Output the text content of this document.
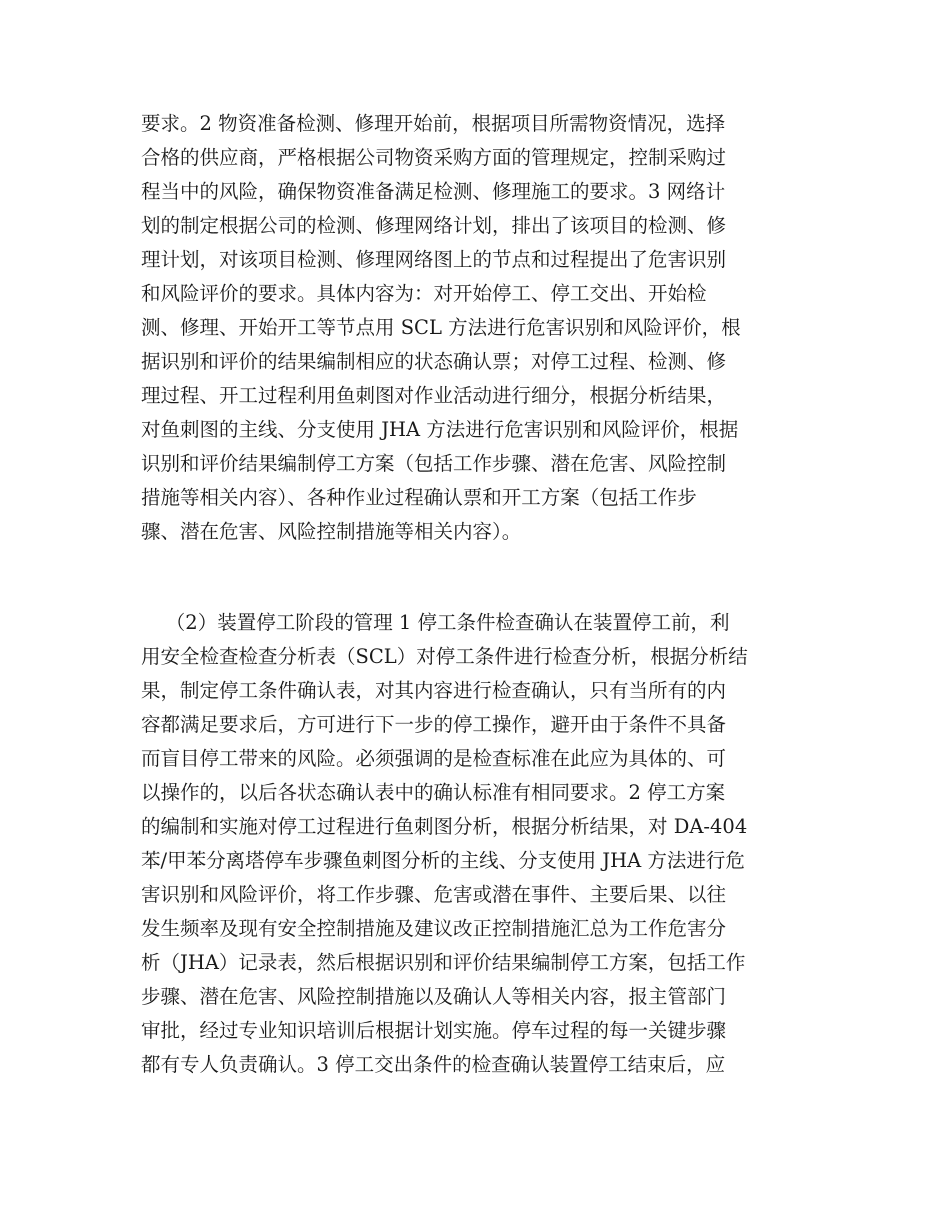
要求。2 物资准备检测、修理开始前，根据项目所需物资情况，选择
合格的供应商，严格根据公司物资采购方面的管理规定，控制采购过
程当中的风险，确保物资准备满足检测、修理施工的要求。3 网络计
划的制定根据公司的检测、修理网络计划，排出了该项目的检测、修
理计划，对该项目检测、修理网络图上的节点和过程提出了危害识别
和风险评价的要求。具体内容为：对开始停工、停工交出、开始检
测、修理、开始开工等节点用 SCL 方法进行危害识别和风险评价，根
据识别和评价的结果编制相应的状态确认票；对停工过程、检测、修
理过程、开工过程利用鱼刺图对作业活动进行细分，根据分析结果，
对鱼刺图的主线、分支使用 JHA 方法进行危害识别和风险评价，根据
识别和评价结果编制停工方案（包括工作步骤、潜在危害、风险控制
措施等相关内容）、各种作业过程确认票和开工方案（包括工作步
骤、潜在危害、风险控制措施等相关内容）。

（2）装置停工阶段的管理 1 停工条件检查确认在装置停工前，利
用安全检查检查分析表（SCL）对停工条件进行检查分析，根据分析结
果，制定停工条件确认表，对其内容进行检查确认，只有当所有的内
容都满足要求后，方可进行下一步的停工操作，避开由于条件不具备
而盲目停工带来的风险。必须强调的是检查标准在此应为具体的、可
以操作的，以后各状态确认表中的确认标准有相同要求。2 停工方案
的编制和实施对停工过程进行鱼刺图分析，根据分析结果，对 DA-404
苯/甲苯分离塔停车步骤鱼刺图分析的主线、分支使用 JHA 方法进行危
害识别和风险评价，将工作步骤、危害或潜在事件、主要后果、以往
发生频率及现有安全控制措施及建议改正控制措施汇总为工作危害分
析（JHA）记录表，然后根据识别和评价结果编制停工方案，包括工作
步骤、潜在危害、风险控制措施以及确认人等相关内容，报主管部门
审批，经过专业知识培训后根据计划实施。停车过程的每一关键步骤
都有专人负责确认。3 停工交出条件的检查确认装置停工结束后，应
